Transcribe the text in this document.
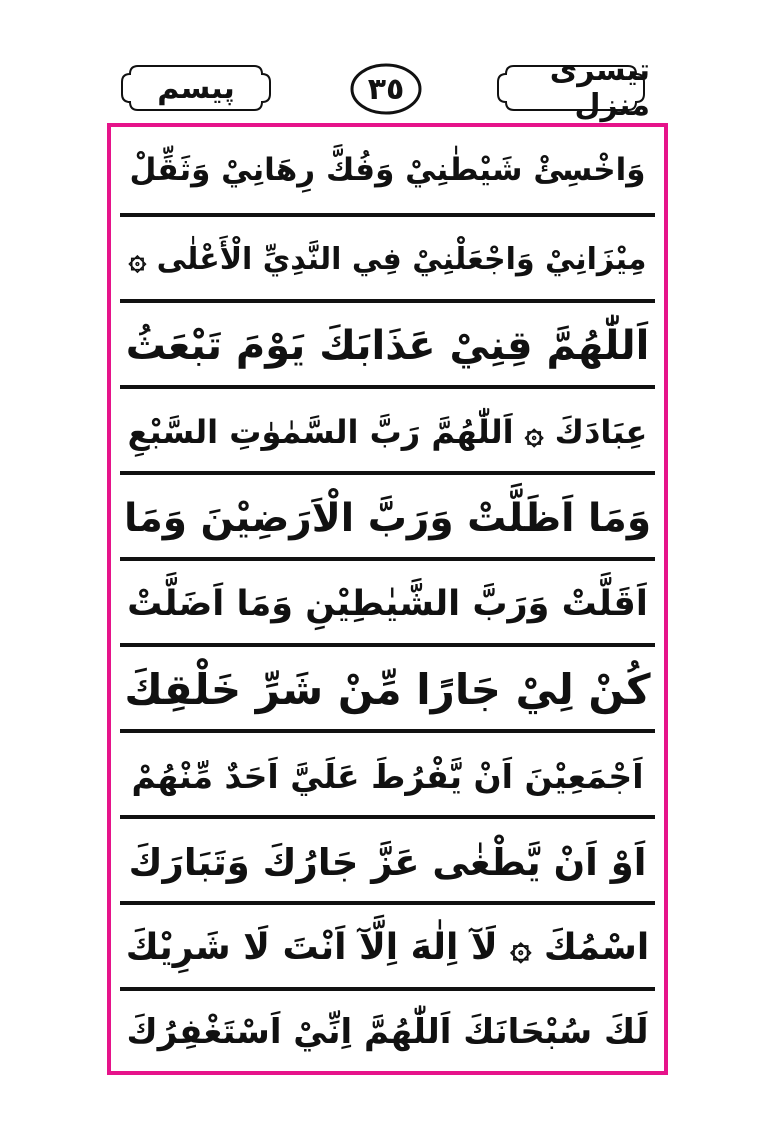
پیسم	٣٥
تیسری منزل
وَاخْسِئْ شَيْطٰنِيْ وَفُكَّ رِهَانِيْ وَثَقِّلْ
مِيْزَانِيْ وَاجْعَلْنِيْ فِي النَّدِيِّ الْأَعْلٰى ۞
اَللّٰهُمَّ قِنِيْ عَذَابَكَ يَوْمَ تَبْعَثُ
عِبَادَكَ ۞ اَللّٰهُمَّ رَبَّ السَّمٰوٰتِ السَّبْعِ
وَمَا اَظَلَّتْ وَرَبَّ الْاَرَضِيْنَ وَمَا
اَقَلَّتْ وَرَبَّ الشَّيٰطِيْنِ وَمَا اَضَلَّتْ
كُنْ لِيْ جَارًا مِّنْ شَرِّ خَلْقِكَ
اَجْمَعِيْنَ اَنْ يَّفْرُطَ عَلَيَّ اَحَدٌ مِّنْهُمْ
اَوْ اَنْ يَّطْغٰى عَزَّ جَارُكَ وَتَبَارَكَ
اسْمُكَ ۞ لَآ اِلٰهَ اِلَّآ اَنْتَ لَا شَرِيْكَ
لَكَ سُبْحَانَكَ اَللّٰهُمَّ اِنِّيْ اَسْتَغْفِرُكَ
